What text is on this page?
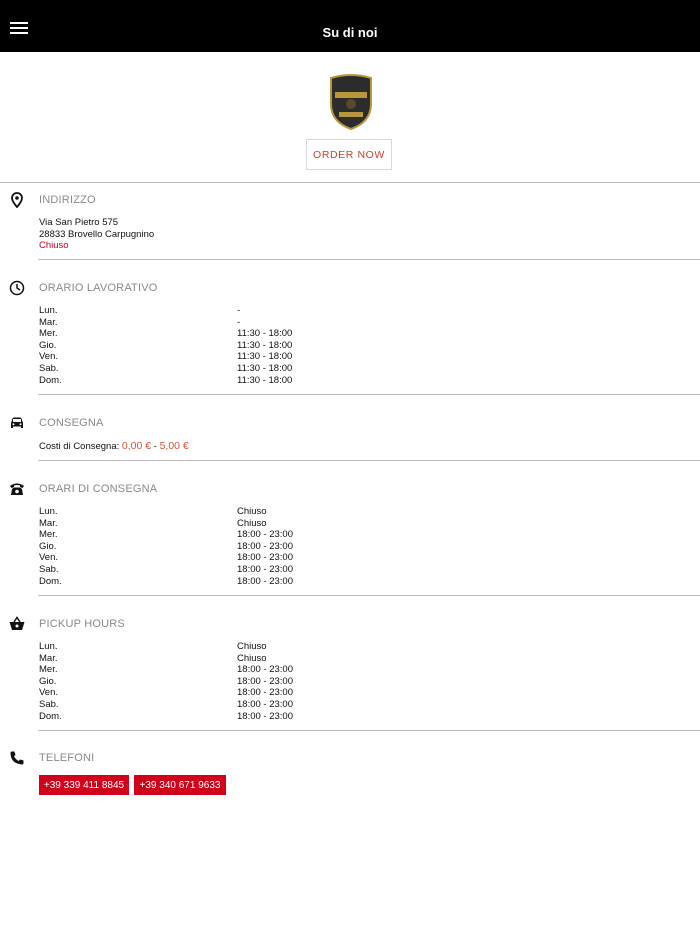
Su di noi
ORDER NOW
INDIRIZZO
Via San Pietro 575
28833 Brovello Carpugnino
Chiuso
ORARIO LAVORATIVO
Lun.	-
Mar.	-
Mer.	11:30 - 18:00
Gio.	11:30 - 18:00
Ven.	11:30 - 18:00
Sab.	11:30 - 18:00
Dom.	11:30 - 18:00
CONSEGNA
Costi di Consegna: 0,00 € - 5,00 €
ORARI DI CONSEGNA
Lun.	Chiuso
Mar.	Chiuso
Mer.	18:00 - 23:00
Gio.	18:00 - 23:00
Ven.	18:00 - 23:00
Sab.	18:00 - 23:00
Dom.	18:00 - 23:00
PICKUP HOURS
Lun.	Chiuso
Mar.	Chiuso
Mer.	18:00 - 23:00
Gio.	18:00 - 23:00
Ven.	18:00 - 23:00
Sab.	18:00 - 23:00
Dom.	18:00 - 23:00
TELEFONI
+39 339 411 8845	+39 340 671 9633
